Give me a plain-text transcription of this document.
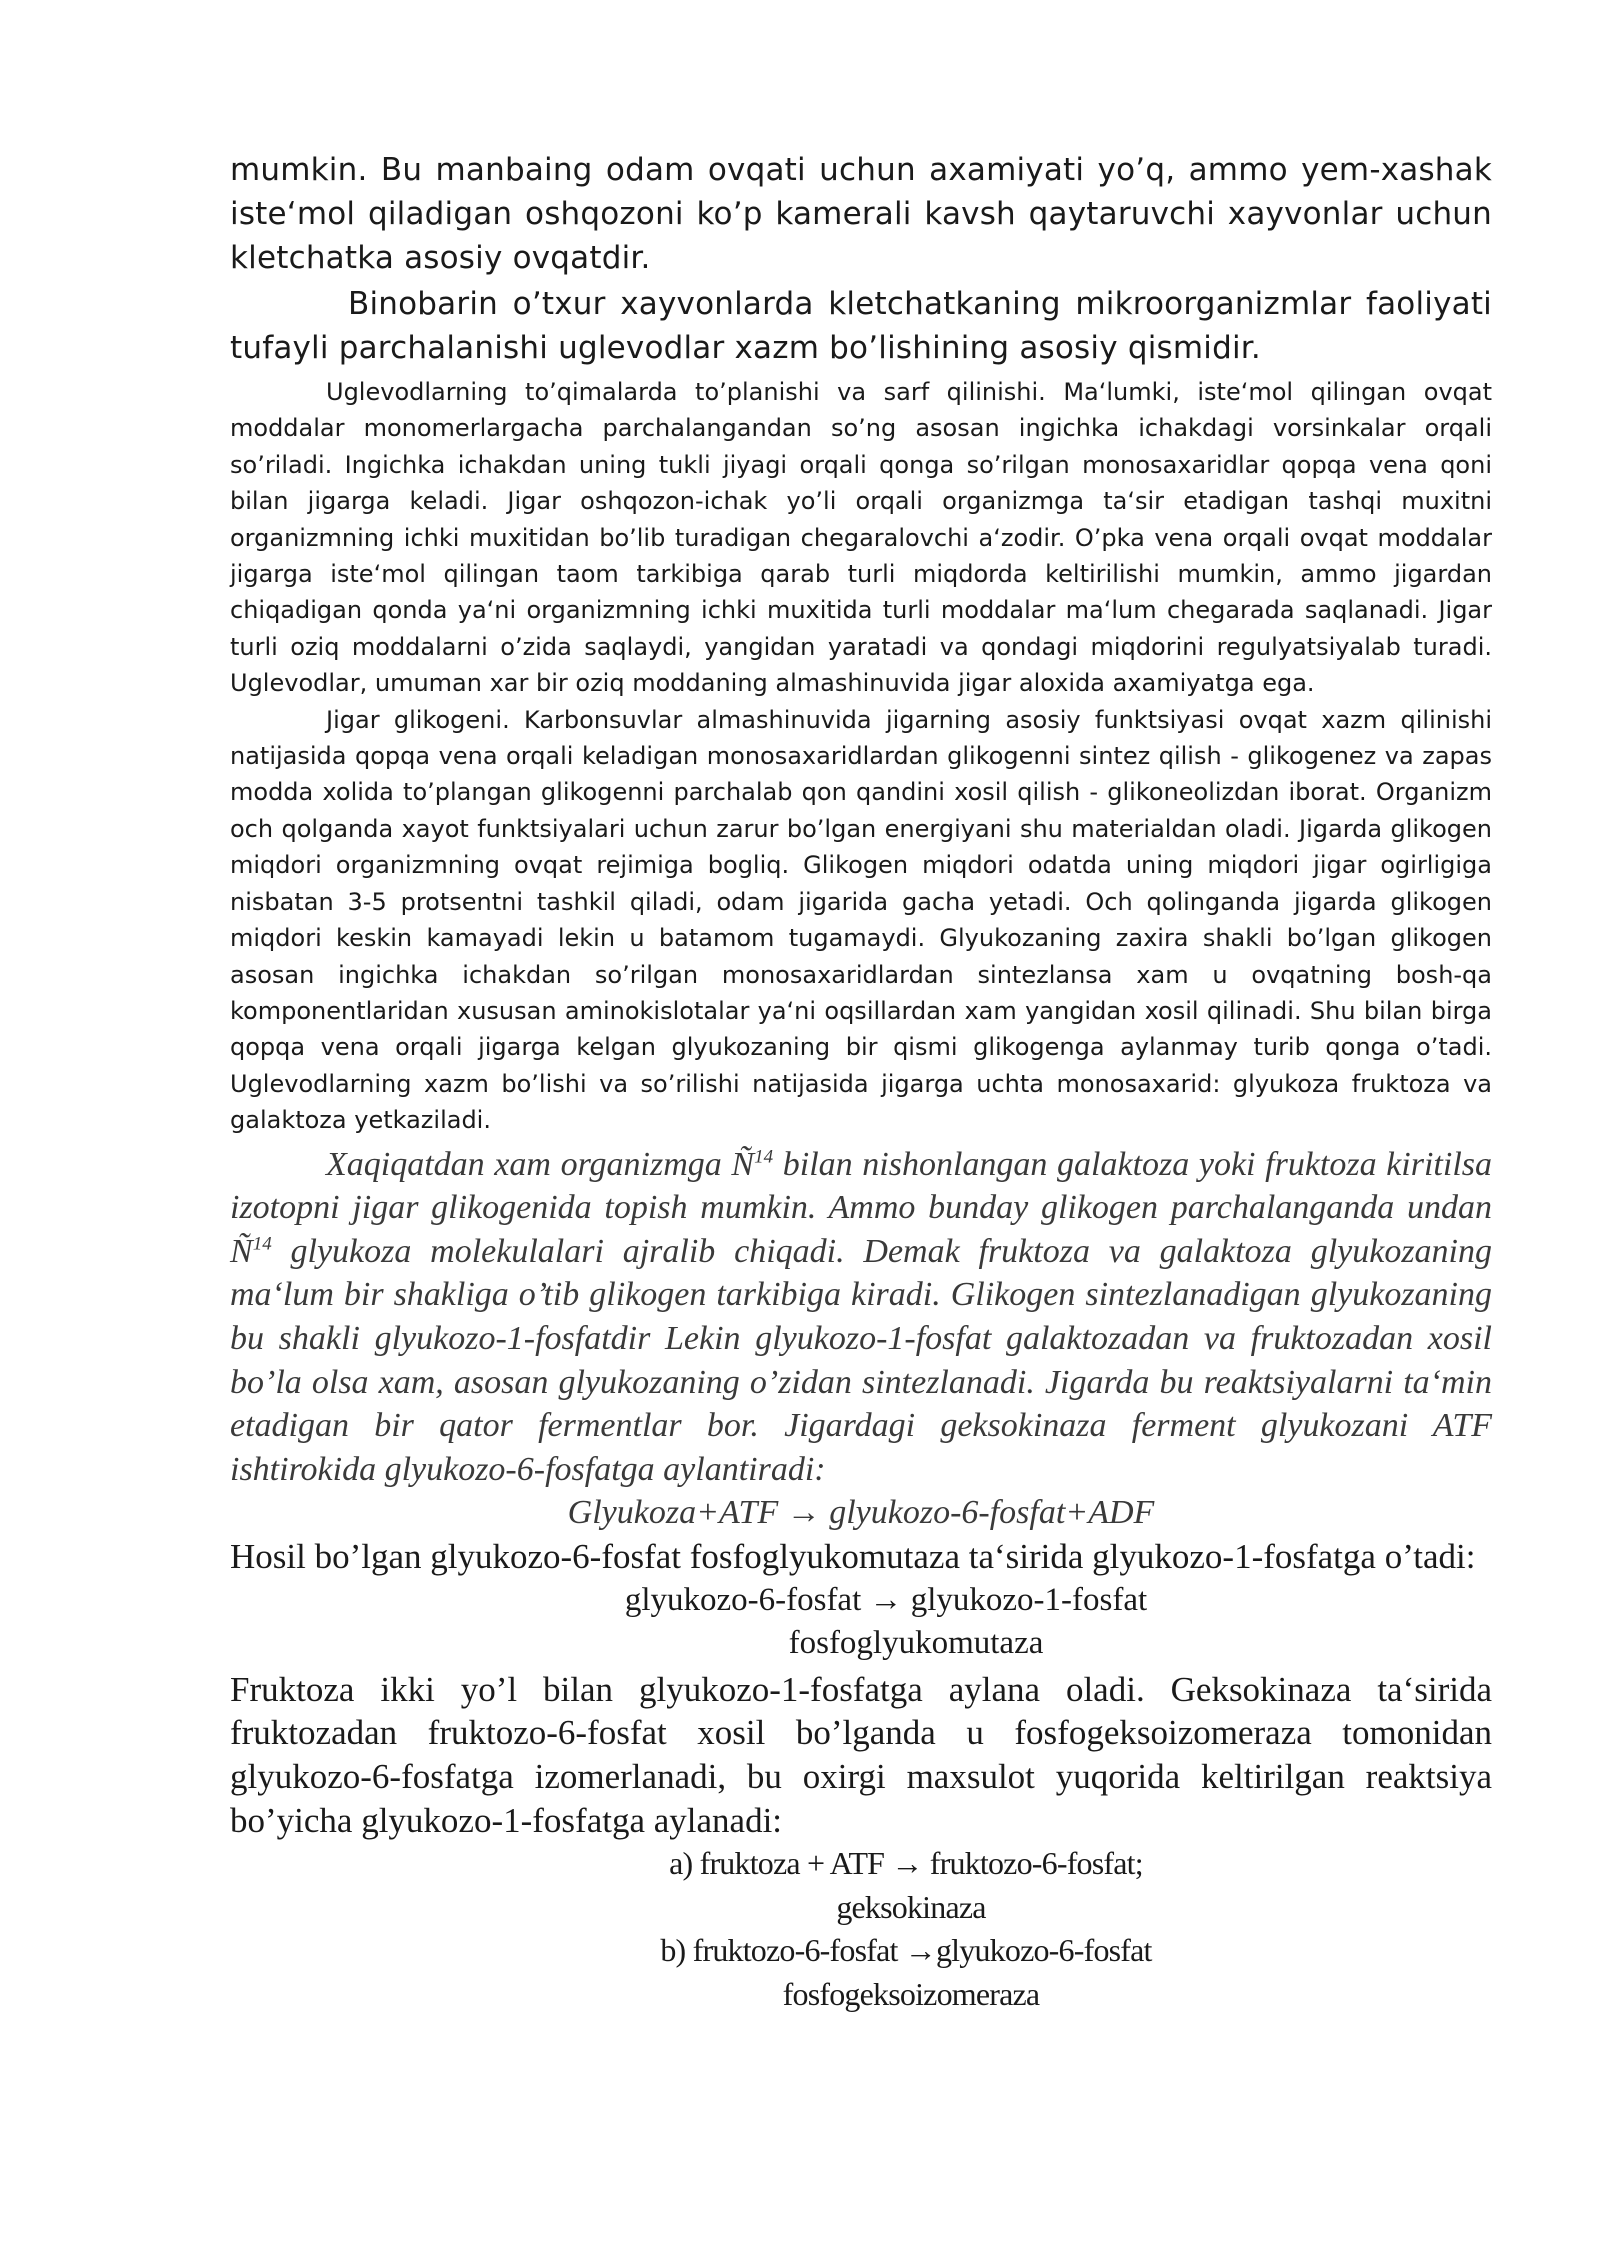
mumkin. Bu manbaing odam ovqati uchun axamiyati yo’q, ammo yem-xashak iste‘mol qiladigan oshqozoni ko’p kamerali kavsh qaytaruvchi xayvonlar uchun kletchatka asosiy ovqatdir.

Binobarin o’txur xayvonlarda kletchatkaning mikroorganizmlar faoliyati tufayli parchalanishi uglevodlar xazm bo’lishining asosiy qismidir.

Uglevodlarning to’qimalarda to’planishi va sarf qilinishi. Ma‘lumki, iste‘mol qilingan ovqat moddalar monomerlargacha parchalangandan so’ng asosan ingichka ichakdagi vorsinkalar orqali so’riladi. Ingichka ichakdan uning tukli jiyagi orqali qonga so’rilgan monosaxaridlar qopqa vena qoni bilan jigarga keladi. Jigar oshqozon-ichak yo’li orqali organizmga ta‘sir etadigan tashqi muxitni organizmning ichki muxitidan bo’lib turadigan chegaralovchi a‘zodir. O’pka vena orqali ovqat moddalar jigarga iste‘mol qilingan taom tarkibiga qarab turli miqdorda keltirilishi mumkin, ammo jigardan chiqadigan qonda ya‘ni organizmning ichki muxitida turli moddalar ma‘lum chegarada saqlanadi. Jigar turli oziq moddalarni o’zida saqlaydi, yangidan yaratadi va qondagi miqdorini regulyatsiyalab turadi. Uglevodlar, umuman xar bir oziq moddaning almashinuvida jigar aloxida axamiyatga ega.

Jigar glikogeni. Karbonsuvlar almashinuvida jigarning asosiy funktsiyasi ovqat xazm qilinishi natijasida qopqa vena orqali keladigan monosaxaridlardan glikogenni sintez qilish - glikogenez va zapas modda xolida to’plangan glikogenni parchalab qon qandini xosil qilish - glikoneolizdan iborat. Organizm och qolganda xayot funktsiyalari uchun zarur bo’lgan energiyani shu materialdan oladi. Jigarda glikogen miqdori organizmning ovqat rejimiga bogliq. Glikogen miqdori odatda uning miqdori jigar ogirligiga nisbatan 3-5 protsentni tashkil qiladi, odam jigarida gacha yetadi. Och qolinganda jigarda glikogen miqdori keskin kamayadi lekin u batamom tugamaydi. Glyukozaning zaxira shakli bo’lgan glikogen asosan ingichka ichakdan so’rilgan monosaxaridlardan sintezlansa xam u ovqatning bosh-qa komponentlaridan xususan aminokislotalar ya‘ni oqsillardan xam yangidan xosil qilinadi. Shu bilan birga qopqa vena orqali jigarga kelgan glyukozaning bir qismi glikogenga aylanmay turib qonga o’tadi. Uglevodlarning xazm bo’lishi va so’rilishi natijasida jigarga uchta monosaxarid: glyukoza fruktoza va galaktoza yetkaziladi.

Xaqiqatdan xam organizmga $Ñ^{14}$ bilan nishonlangan galaktoza yoki fruktoza kiritilsa izotopni jigar glikogenida topish mumkin. Ammo bunday glikogen parchalanganda undan $Ñ^{14}$ glyukoza molekulalari ajralib chiqadi. Demak fruktoza va galaktoza glyukozaning ma‘lum bir shakliga o’tib glikogen tarkibiga kiradi. Glikogen sintezlanadigan glyukozaning bu shakli glyukozo-1-fosfatdir Lekin glyukozo-1-fosfat galaktozadan va fruktozadan xosil bo’la olsa xam, asosan glyukozaning o’zidan sintezlanadi. Jigarda bu reaktsiyalarni ta‘min etadigan bir qator fermentlar bor. Jigardagi geksokinaza ferment glyukozani ATF ishtirokida glyukozo-6-fosfatga aylantiradi:

Glyukoza+ATF → glyukozo-6-fosfat+ADF

Hosil bo’lgan glyukozo-6-fosfat fosfoglyukomutaza ta‘sirida glyukozo-1-fosfatga o’tadi:

glyukozo-6-fosfat → glyukozo-1-fosfat

fosfoglyukomutaza

Fruktoza ikki yo’l bilan glyukozo-1-fosfatga aylana oladi. Geksokinaza ta‘sirida fruktozadan fruktozo-6-fosfat xosil bo’lganda u fosfogeksoizomeraza tomonidan glyukozo-6-fosfatga izomerlanadi, bu oxirgi maxsulot yuqorida keltirilgan reaktsiya bo’yicha glyukozo-1-fosfatga aylanadi:

a) fruktoza + ATF → fruktozo-6-fosfat;

geksokinaza

b) fruktozo-6-fosfat →glyukozo-6-fosfat

fosfogeksoizomeraza
